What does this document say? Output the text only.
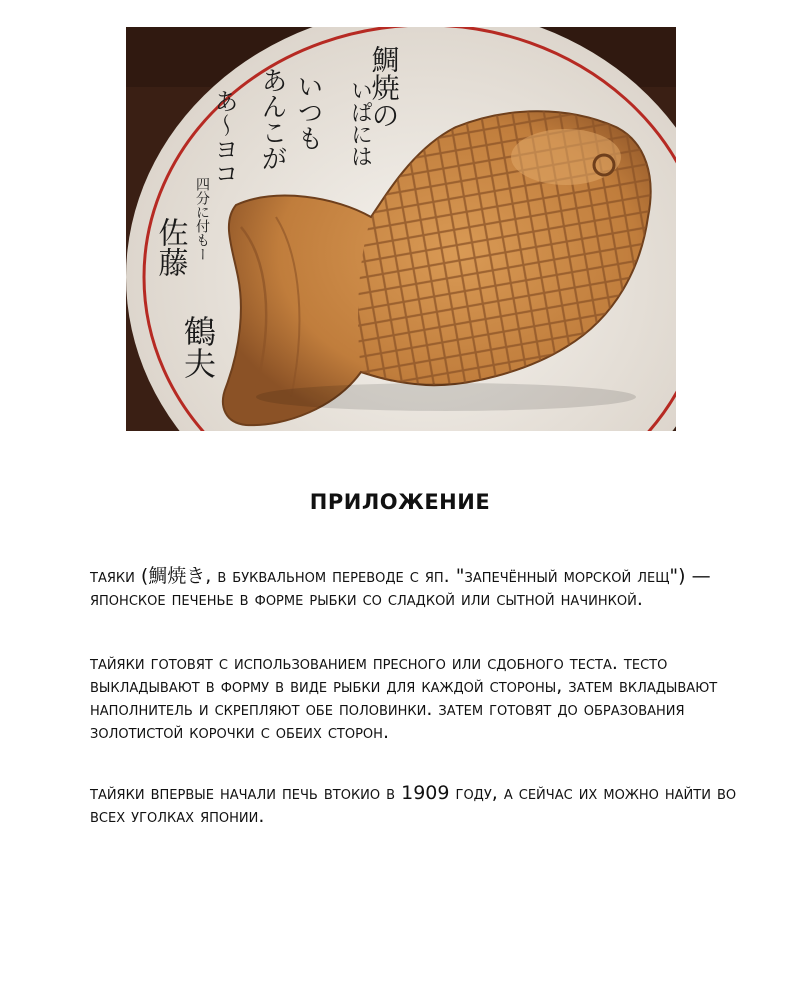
鯛焼の
いぱには
いつも
あんこが
あ〜ヨコ
四分に付もー
佐藤
鶴夫
приложение

таяки (鯛焼き, в буквальном переводе с яп. "запечённый морской лещ") — японское печенье в форме рыбки со сладкой или сытной начинкой.

тайяки готовят с использованием пресного или сдобного теста. тесто выкладывают в форму в виде рыбки для каждой стороны, затем вкладывают наполнитель и скрепляют обе половинки. затем готовят до образования золотистой корочки с обеих сторон.

тайяки впервые начали печь втокио в 1909 году, а сейчас их можно найти во всех уголках японии.
